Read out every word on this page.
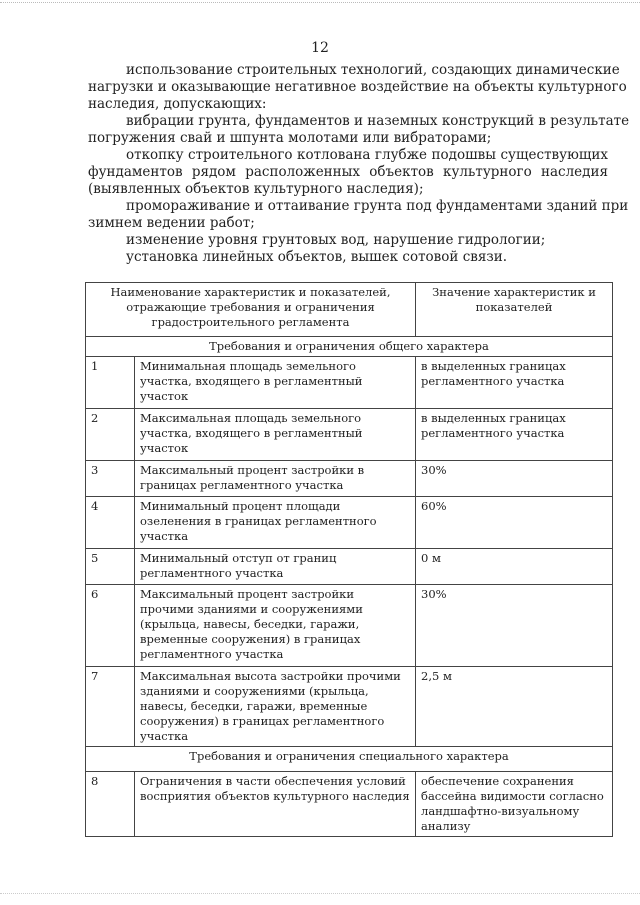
12
использование строительных технологий, создающих динамические
нагрузки и оказывающие негативное воздействие на объекты культурного
наследия, допускающих:
вибрации грунта, фундаментов и наземных конструкций в результате
погружения свай и шпунта молотами или вибраторами;
откопку строительного котлована глубже подошвы существующих
фундаментов рядом расположенных объектов культурного наследия
(выявленных объектов культурного наследия);
промораживание и оттаивание грунта под фундаментами зданий при
зимнем ведении работ;
изменение уровня грунтовых вод, нарушение гидрологии;
установка линейных объектов, вышек сотовой связи.
Наименование характеристик и показателей, отражающие требования и ограничения градостроительного регламента		Значение характеристик и показателей
Требования и ограничения общего характера		
1	Минимальная площадь земельного участка, входящего в регламентный участок	в выделенных границах регламентного участка
2	Максимальная площадь земельного участка, входящего в регламентный участок	в выделенных границах регламентного участка
3	Максимальный процент застройки в границах регламентного участка	30%
4	Минимальный процент площади озеленения в границах регламентного участка	60%
5	Минимальный отступ от границ регламентного участка	0 м
6	Максимальный процент застройки прочими зданиями и сооружениями (крыльца, навесы, беседки, гаражи, временные сооружения) в границах регламентного участка	30%
7	Максимальная высота застройки прочими зданиями и сооружениями (крыльца, навесы, беседки, гаражи, временные сооружения) в границах регламентного участка	2,5 м
Требования и ограничения специального характера		
8	Ограничения в части обеспечения условий восприятия объектов культурного наследия	обеспечение сохранения бассейна видимости согласно ландшафтно-визуальному анализу
